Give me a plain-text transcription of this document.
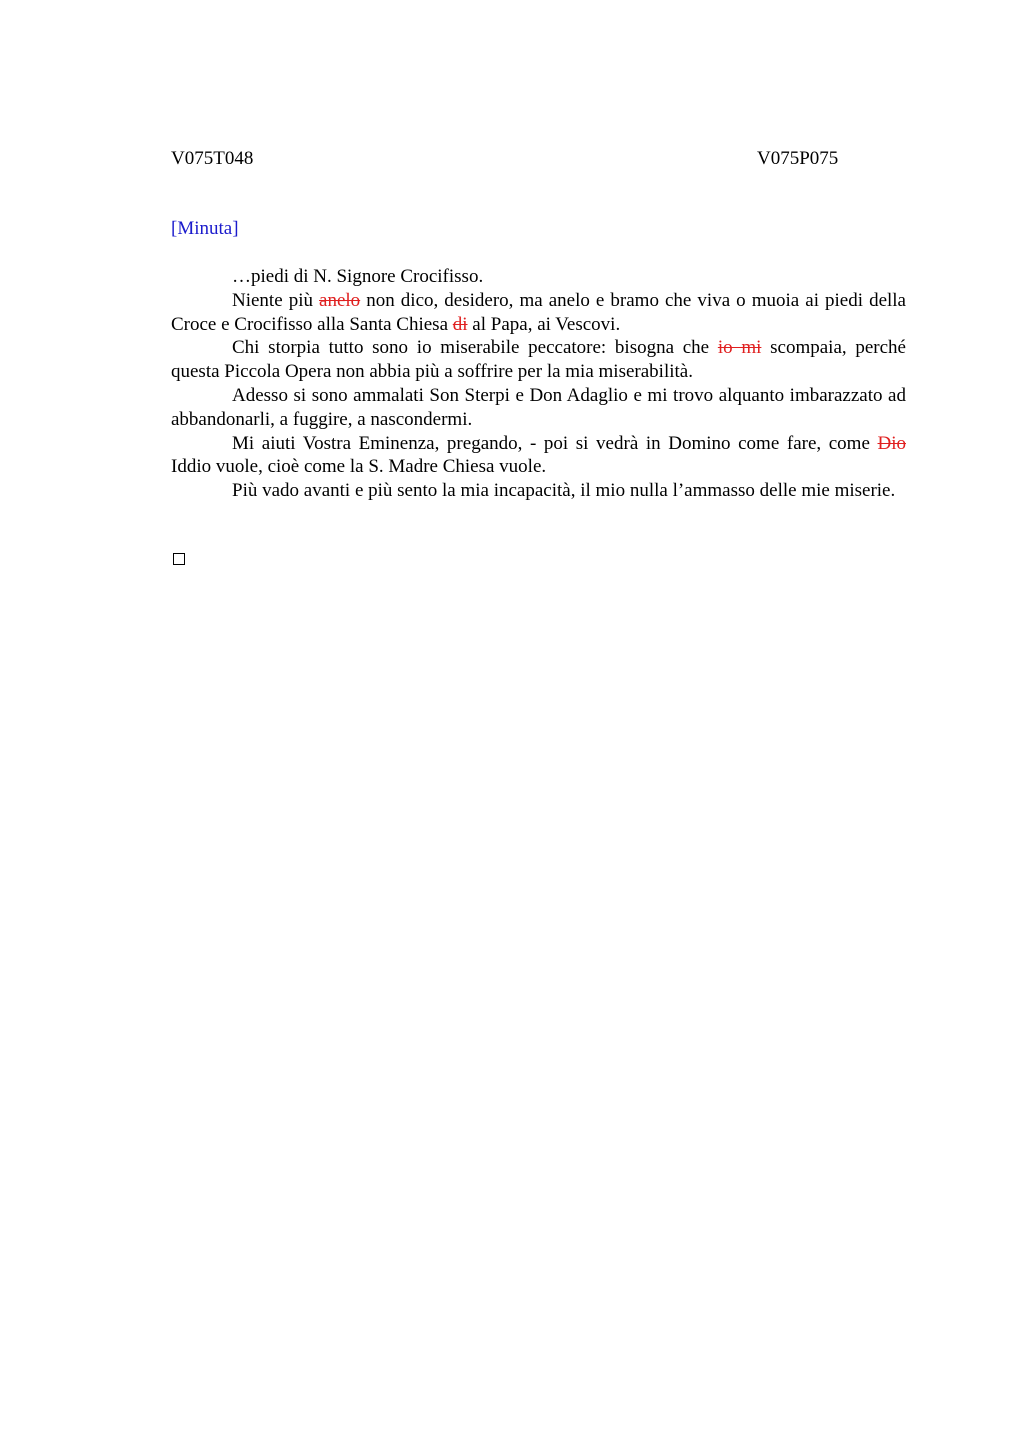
V075T048	V075P075
[Minuta]

…piedi di N. Signore Crocifisso.

Niente più anelo non dico, desidero, ma anelo e bramo che viva o muoia ai piedi della Croce e Crocifisso alla Santa Chiesa di al Papa, ai Vescovi.

Chi storpia tutto sono io miserabile peccatore: bisogna che io mi scompaia, perché questa Piccola Opera non abbia più a soffrire per la mia miserabilità.

Adesso si sono ammalati Son Sterpi e Don Adaglio e mi trovo alquanto imbarazzato ad abbandonarli, a fuggire, a nascondermi.

Mi aiuti Vostra Eminenza, pregando, - poi si vedrà in Domino come fare, come Dio Iddio vuole, cioè come la S. Madre Chiesa vuole.

Più vado avanti e più sento la mia incapacità, il mio nulla l’ammasso delle mie miserie.
